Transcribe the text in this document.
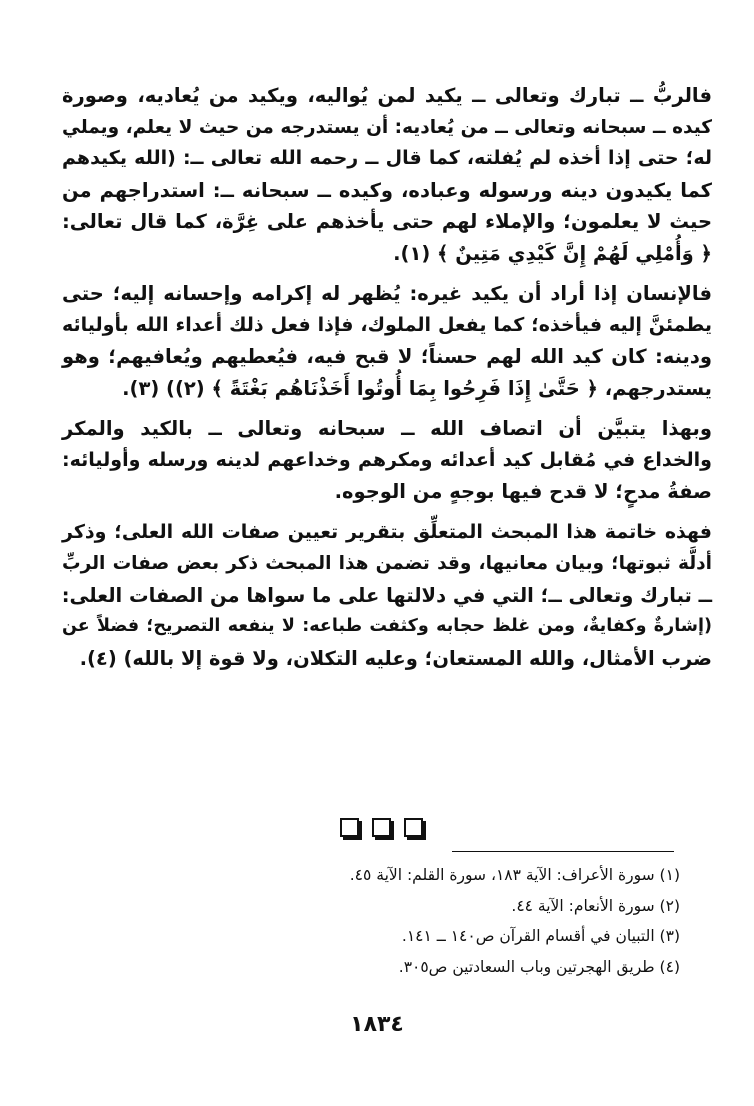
فالربُّ ــ تبارك وتعالى ــ يكيد لمن يُواليه، ويكيد من يُعاديه، وصورة
كيده ــ سبحانه وتعالى ــ من يُعاديه: أن يستدرجه من حيث لا يعلم، ويملي
له؛ حتى إذا أخذه لم يُفلته، كما قال ــ رحمه الله تعالى ــ: (الله يكيدهم
كما يكيدون دينه ورسوله وعباده، وكيده ــ سبحانه ــ: استدراجهم من
حيث لا يعلمون؛ والإملاء لهم حتى يأخذهم على غِرَّة، كما قال تعالى:
﴿ وَأُمْلِي لَهُمْ إِنَّ كَيْدِي مَتِينٌ ﴾ (١).

فالإنسان إذا أراد أن يكيد غيره: يُظهر له إكرامه وإحسانه إليه؛ حتى
يطمئنَّ إليه فيأخذه؛ كما يفعل الملوك، فإذا فعل ذلك أعداء الله بأوليائه
ودينه: كان كيد الله لهم حسناً؛ لا قبح فيه، فيُعطيهم ويُعافيهم؛ وهو
يستدرجهم، ﴿ حَتَّىٰ إِذَا فَرِحُوا بِمَا أُوتُوا أَخَذْنَاهُم بَغْتَةً ﴾ (٢)) (٣).

وبهذا يتبيَّن أن اتصاف الله ــ سبحانه وتعالى ــ بالكيد والمكر
والخداع في مُقابل كيد أعدائه ومكرهم وخداعهم لدينه ورسله وأوليائه:
صفةُ مدحٍ؛ لا قدح فيها بوجهٍ من الوجوه.

فهذه خاتمة هذا المبحث المتعلِّق بتقرير تعيين صفات الله العلى؛ وذكر
أدلَّة ثبوتها؛ وبيان معانيها، وقد تضمن هذا المبحث ذكر بعض صفات الربِّ
ــ تبارك وتعالى ــ؛ التي في دلالتها على ما سواها من الصفات العلى:
(إشارةٌ وكفايةٌ، ومن غلظ حجابه وكثفت طباعه: لا ينفعه التصريح؛ فضلاً عن
ضرب الأمثال، والله المستعان؛ وعليه التكلان، ولا قوة إلا بالله) (٤).

(١) سورة الأعراف: الآية ١٨٣، سورة القلم: الآية ٤٥.
(٢) سورة الأنعام: الآية ٤٤.
(٣) التبيان في أقسام القرآن ص١٤٠ ــ ١٤١.
(٤) طريق الهجرتين وباب السعادتين ص٣٠٥.
١٨٣٤
